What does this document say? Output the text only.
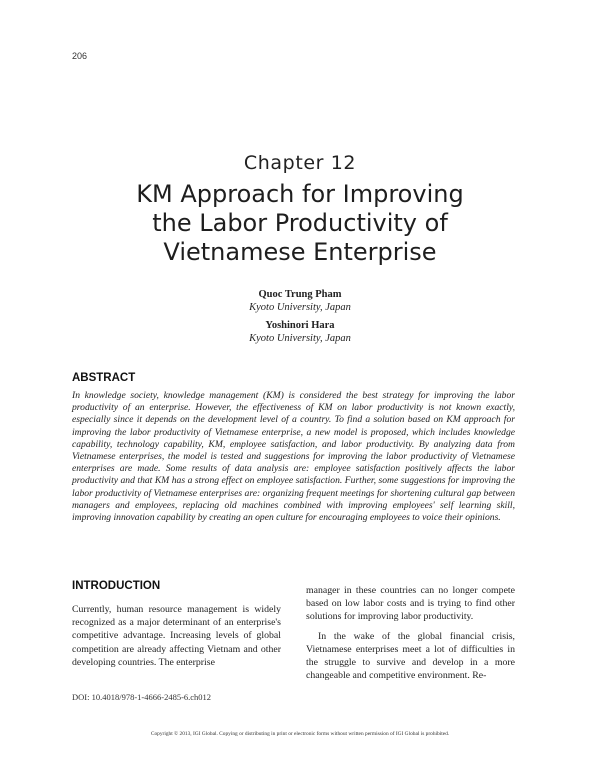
206
Chapter 12
KM Approach for Improving
the Labor Productivity of
Vietnamese Enterprise
Quoc Trung Pham
Kyoto University, Japan
Yoshinori Hara
Kyoto University, Japan
ABSTRACT

In knowledge society, knowledge management (KM) is considered the best strategy for improving the labor productivity of an enterprise. However, the effectiveness of KM on labor productivity is not known exactly, especially since it depends on the development level of a country. To find a solution based on KM approach for improving the labor productivity of Vietnamese enterprise, a new model is proposed, which includes knowledge capability, technology capability, KM, employee satisfaction, and labor productivity. By analyzing data from Vietnamese enterprises, the model is tested and suggestions for improving the labor productivity of Vietnamese enterprises are made. Some results of data analysis are: employee satisfaction positively affects the labor productivity and that KM has a strong effect on employee satisfaction. Further, some suggestions for improving the labor productivity of Vietnamese enterprises are: organizing frequent meetings for shortening cultural gap between managers and employees, replacing old machines combined with improving employees' self learning skill, improving innovation capability by creating an open culture for encouraging employees to voice their opinions.

INTRODUCTION

Currently, human resource management is widely recognized as a major determinant of an enterprise's competitive advantage. Increasing levels of global competition are already affecting Vietnam and other developing countries. The enterprise

manager in these countries can no longer compete based on low labor costs and is trying to find other solutions for improving labor productivity.

In the wake of the global financial crisis, Vietnamese enterprises meet a lot of difficulties in the struggle to survive and develop in a more changeable and competitive environment. Re-

DOI: 10.4018/978-1-4666-2485-6.ch012
Copyright © 2013, IGI Global. Copying or distributing in print or electronic forms without written permission of IGI Global is prohibited.
